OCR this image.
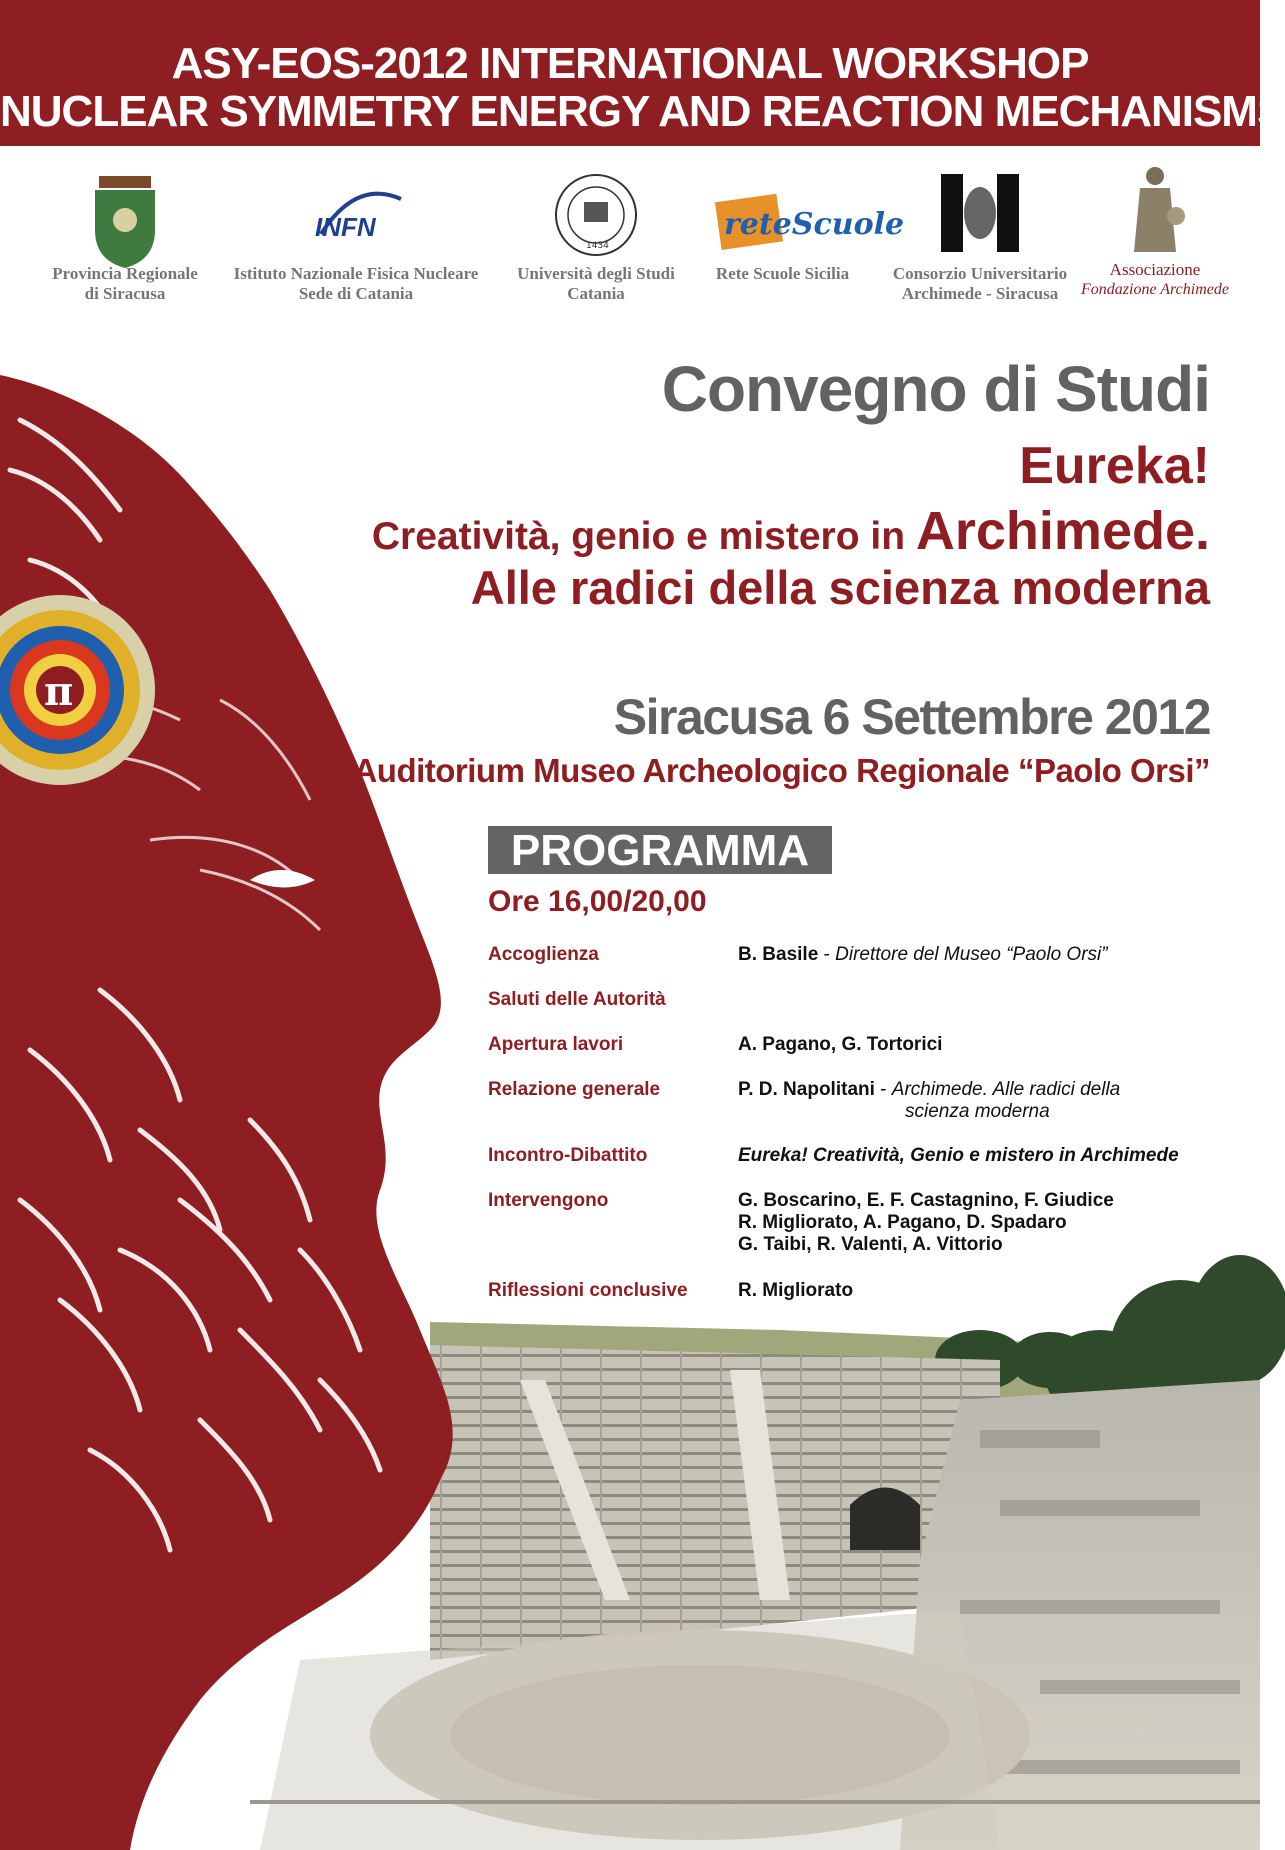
π
ASY-EOS-2012 INTERNATIONAL WORKSHOP
NUCLEAR SYMMETRY ENERGY AND REACTION MECHANISMS
Provincia Regionale
di Siracusa
INFN
Istituto Nazionale Fisica Nucleare
Sede di Catania
1434
Università degli Studi
Catania
reteScuole
Rete Scuole Sicilia	Consorzio Universitario
Archimede - Siracusa
Associazione
Fondazione Archimede
Convegno di Studi
Eureka!
Creatività, genio e mistero in Archimede.
Alle radici della scienza moderna
Siracusa 6 Settembre 2012
Auditorium Museo Archeologico Regionale “Paolo Orsi”
PROGRAMMA
Ore 16,00/20,00
Accoglienza	B. Basile - Direttore del Museo “Paolo Orsi”
Saluti delle Autorità
Apertura lavori	A. Pagano, G. Tortorici
Relazione generale	P. D. Napolitani - Archimede. Alle radici della
scienza moderna
Incontro-Dibattito	Eureka! Creatività, Genio e mistero in Archimede
Intervengono	G. Boscarino, E. F. Castagnino, F. Giudice
R. Migliorato, A. Pagano, D. Spadaro
G. Taibi, R. Valenti, A. Vittorio
Riflessioni conclusive	R. Migliorato
